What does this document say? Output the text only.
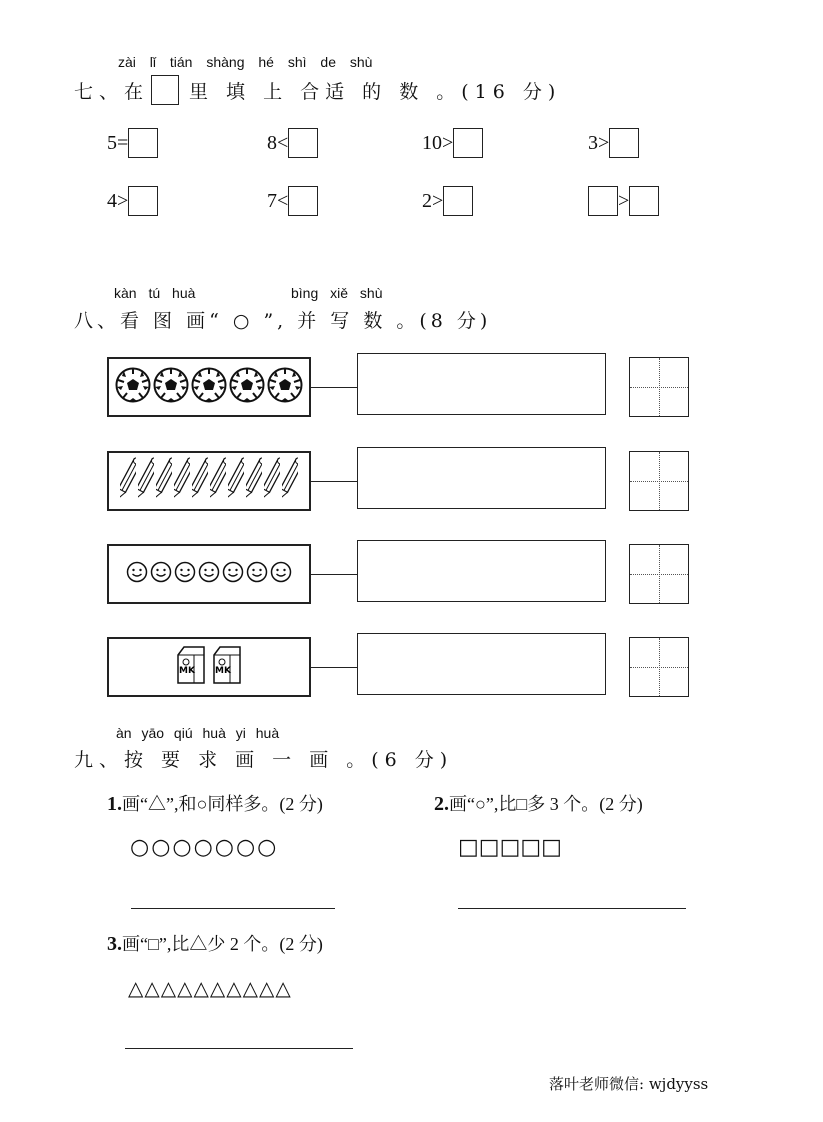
zài lǐ tián shàng hé shì de shù
七、在 里 填 上 合适 的 数 。(16 分)
5=	8<	10>	3>
4>	7<	2>	>
kàn tú huà	bìng xiě shù
八、看 图 画“ ○ ”, 并 写 数 。(8 分)
MK MK
àn yāo qiú huà yi huà
九、按 要 求 画 一 画 。(6 分)
1.画“△”,和○同样多。(2 分)	2.画“○”,比□多 3 个。(2 分)
○○○○○○○	□□□□□
3.画“□”,比△少 2 个。(2 分)
△△△△△△△△△△
落叶老师微信: wjdyyss
